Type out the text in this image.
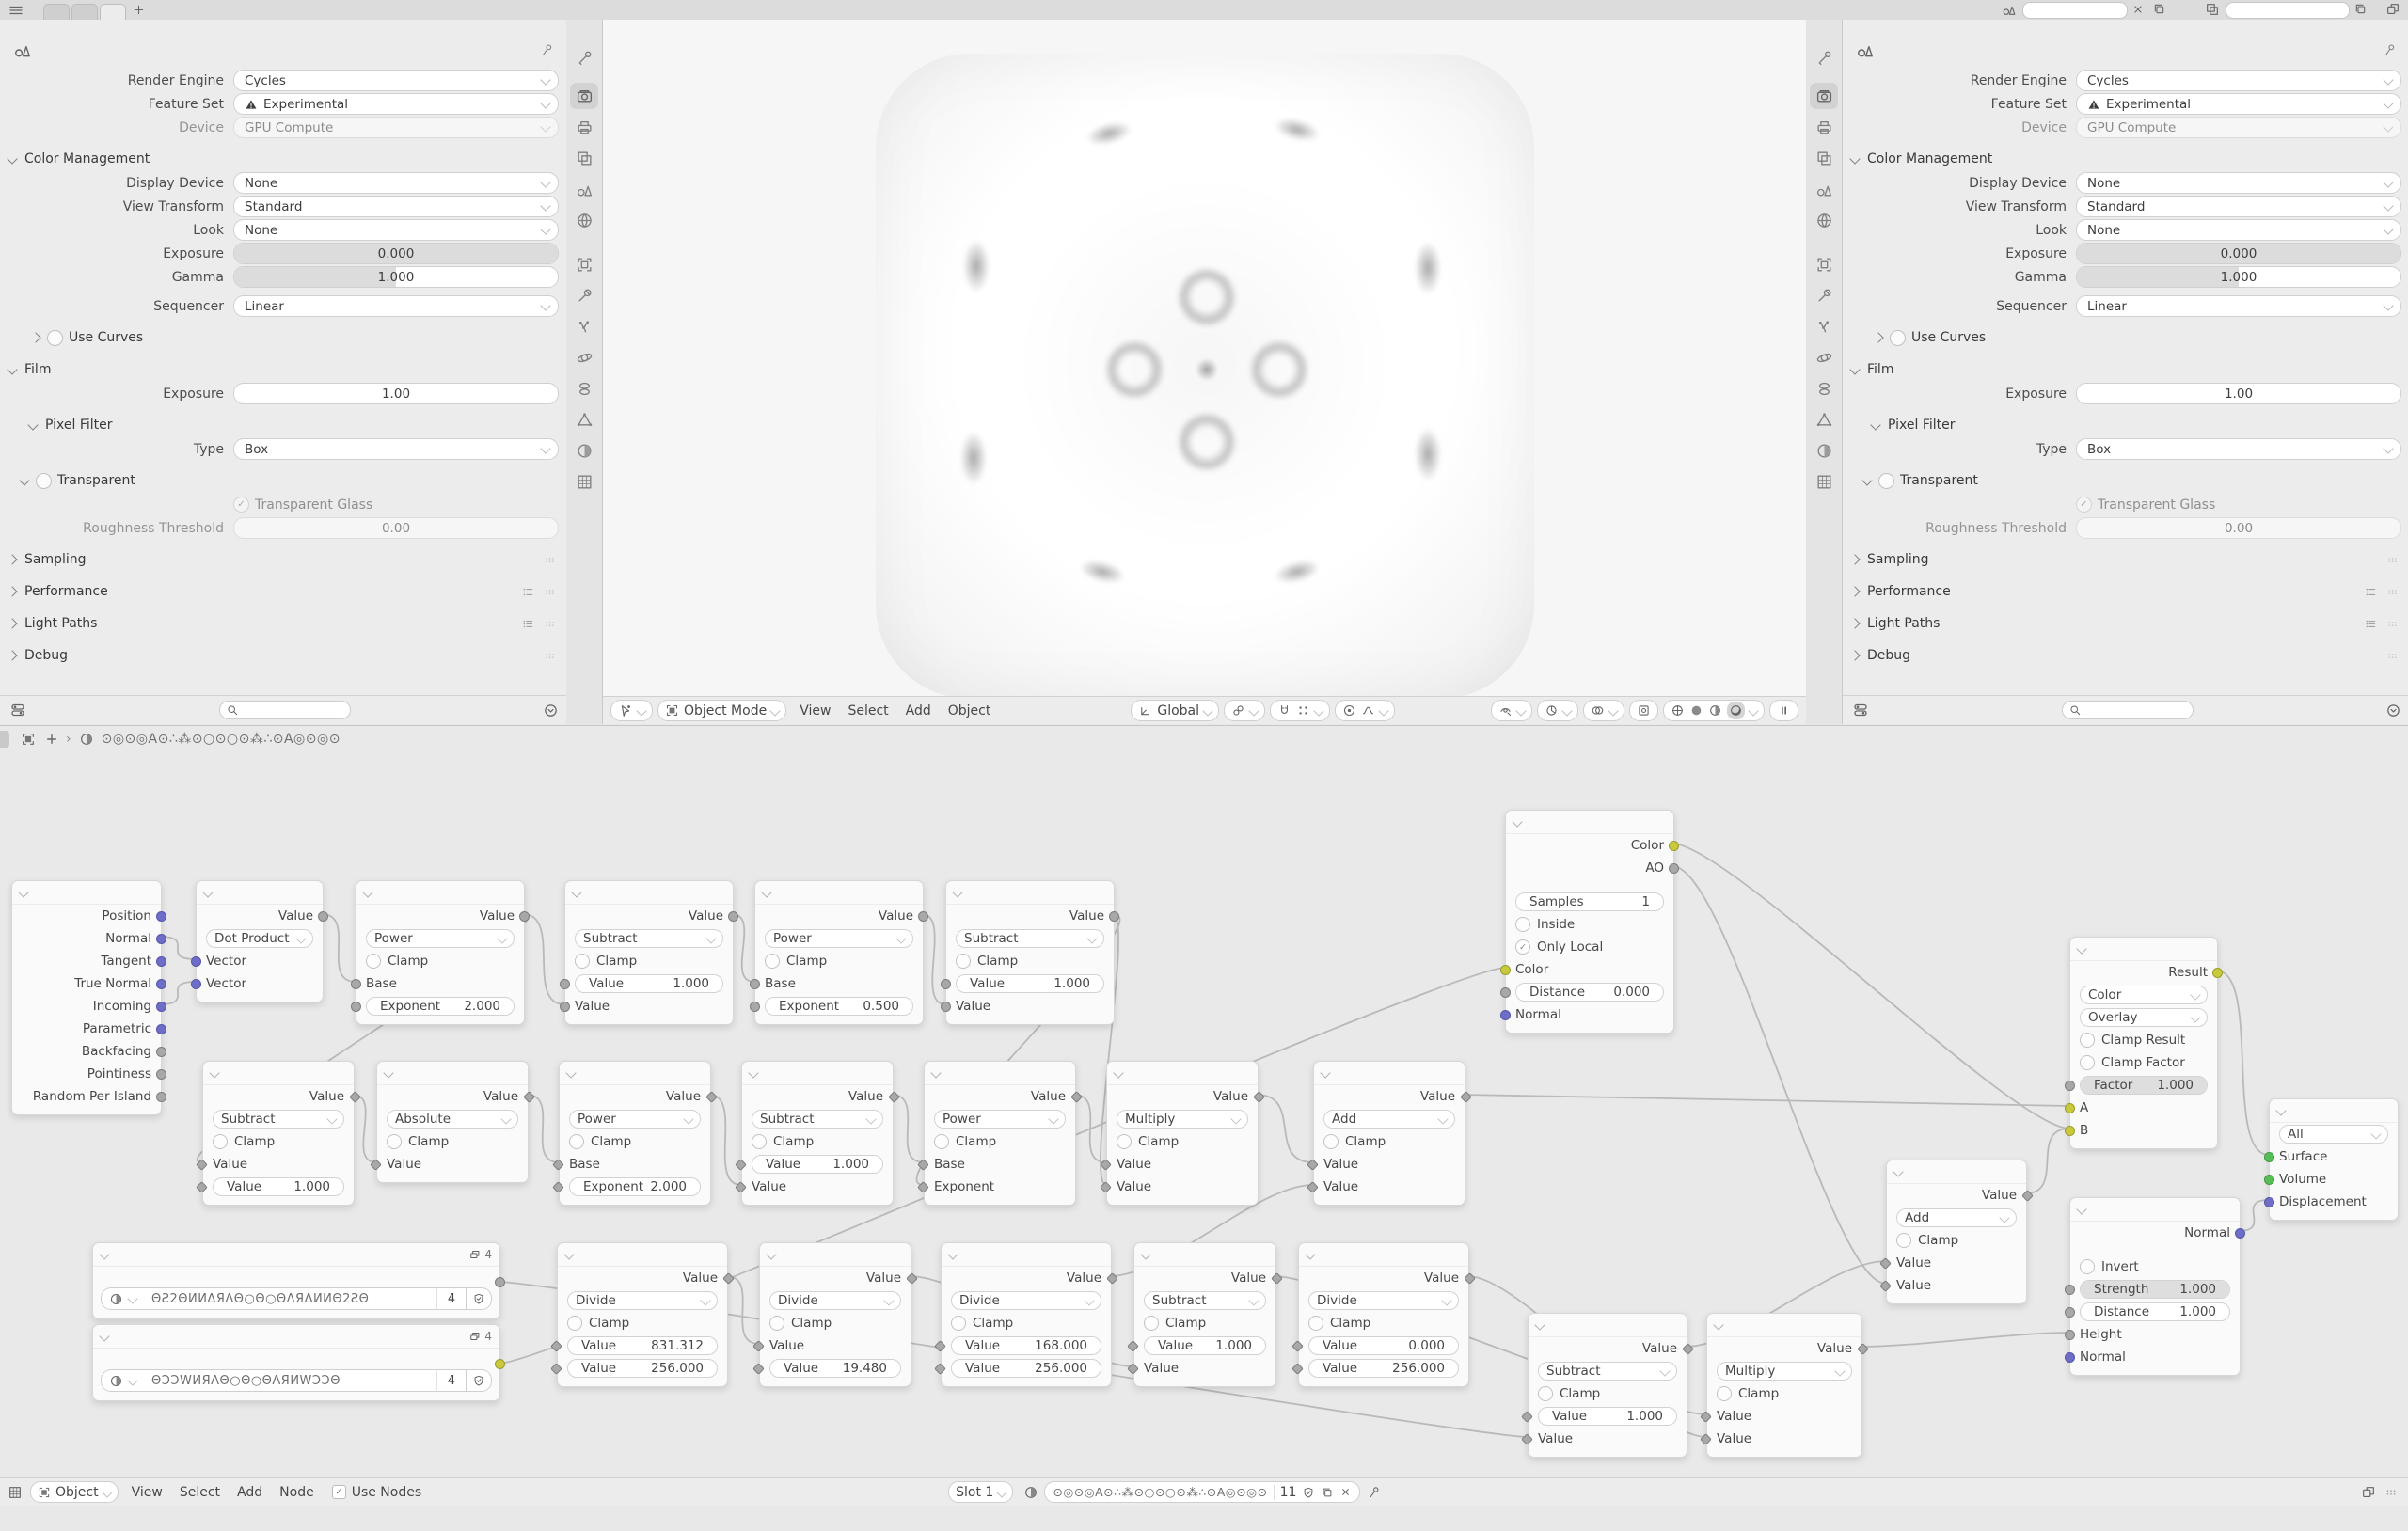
Render Engine	Cycles
Feature Set	Experimental
Device	GPU Compute
Color Management
Display Device	None
View Transform	Standard
Look	None
Exposure	0.000
Gamma	1.000
Sequencer	Linear
Use Curves
Film
Exposure	1.00
Pixel Filter
Type	Box
Transparent
✓ Transparent Glass
Roughness Threshold	0.00
Sampling
Performance
Light Paths
Debug
Render Engine	Cycles
Feature Set	Experimental
Device	GPU Compute
Color Management
Display Device	None
View Transform	Standard
Look	None
Exposure	0.000
Gamma	1.000
Sequencer	Linear
Use Curves
Film
Exposure	1.00
Pixel Filter
Type	Box
Transparent
✓ Transparent Glass
Roughness Threshold	0.00
Sampling
Performance
Light Paths
Debug
Object Mode	View	Select	Add	Object	Global
› ⊙◎⊙◎Α⊙∴⁂⊙○⊙○⊙⁂∴⊙Α◎⊙◎⊙
Position
Normal
Tangent
True Normal
Incoming
Parametric
Backfacing
Pointiness
Random Per Island
Value
Dot Product
Vector
Vector
Value
Power
Clamp
Base
Exponent 2.000
Value
Subtract
Clamp
Value	1.000
Value
Value
Power
Clamp
Base
Exponent 0.500
Value
Subtract
Clamp
Value	1.000
Value
Value
Subtract
Clamp
Value
Value	1.000
Value
Absolute
Clamp
Value
Value
Power
Clamp
Base
Exponent 2.000
Value
Subtract
Clamp
Value	1.000
Value
Value
Power
Clamp
Base
Exponent
Value
Multiply
Clamp
Value
Value
Value
Add
Clamp
Value
Value
4
ΘƧ2ΘИИΔЯΛΘ○Θ○ΘΛЯΔИИΘ2ƧΘ	4
4
ΘƆƆWИЯΛΘ○Θ○ΘΛЯИWƆƆΘ	4
Value
Divide
Clamp
Value	831.312
Value	256.000
Value
Divide
Clamp
Value
Value 19.480
Value
Divide
Clamp
Value	168.000
Value	256.000
Value
Subtract
Clamp
Value 1.000
Value
Value
Divide
Clamp
Value	0.000
Value	256.000
Color
AO
Samples	1
Inside
✓ Only Local
Color
Distance 0.000
Normal
Value
Subtract
Clamp
Value	1.000
Value
Value
Multiply
Clamp
Value
Value
Value
Add
Clamp
Value
Value
Result
Color
Overlay
Clamp Result
Clamp Factor
Factor 1.000
A
B	All
Surface
Volume
Displacement
Normal
Invert
Strength 1.000
Distance 1.000
Height
Normal
Object	View	Select	Add	Node	✓ Use Nodes	Slot 1	⊙◎⊙◎Α⊙∴⁂⊙○⊙○⊙⁂∴⊙Α◎⊙◎⊙ 11
